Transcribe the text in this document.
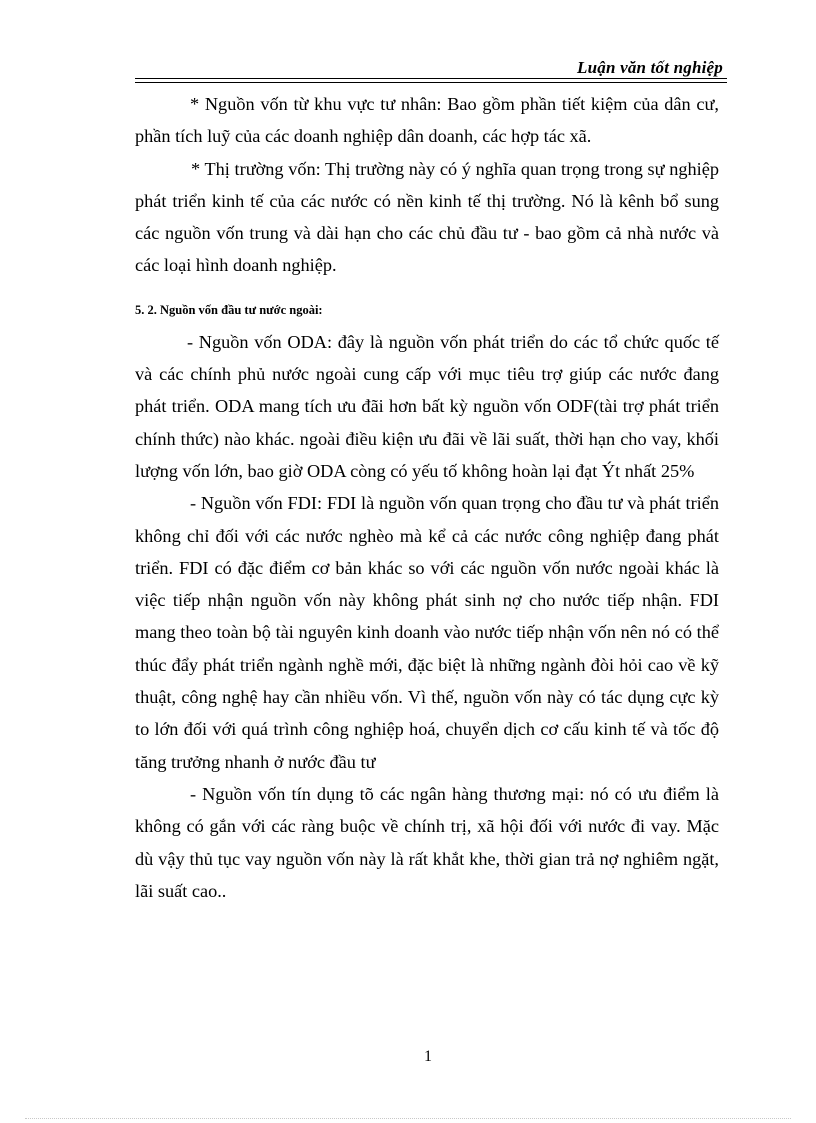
Luận văn tốt nghiệp

* Nguồn vốn từ khu vực tư nhân: Bao gồm phần tiết kiệm của dân cư, phần tích luỹ của các doanh nghiệp dân doanh, các hợp tác xã.

* Thị trường vốn: Thị trường này có ý nghĩa quan trọng trong sự nghiệp phát triển kinh tế của các nước có nền kinh tế thị trường. Nó là kênh bổ sung các nguồn vốn trung và dài hạn cho các chủ đầu tư - bao gồm cả nhà nước và các loại hình doanh nghiệp.

5. 2. Nguồn vốn đầu tư nước ngoài:

- Nguồn vốn ODA: đây là nguồn vốn phát triển do các tổ chức quốc tế và các chính phủ nước ngoài cung cấp với mục tiêu trợ giúp các nước đang phát triển. ODA mang tích ưu đãi hơn bất kỳ nguồn vốn ODF(tài trợ phát triển chính thức) nào khác. ngoài điều kiện ưu đãi về lãi suất, thời hạn cho vay, khối lượng vốn lớn, bao giờ ODA còng có yếu tố không hoàn lại đạt Ýt nhất 25%

- Nguồn vốn FDI: FDI là nguồn vốn quan trọng cho đầu tư và phát triển không chỉ đối với các nước nghèo mà kể cả các nước công nghiệp đang phát triển. FDI có đặc điểm cơ bản khác so với các nguồn vốn nước ngoài khác là việc tiếp nhận nguồn vốn này không phát sinh nợ cho nước tiếp nhận. FDI mang theo toàn bộ tài nguyên kinh doanh vào nước tiếp nhận vốn nên nó có thể thúc đẩy phát triển ngành nghề mới, đặc biệt là những ngành đòi hỏi cao về kỹ thuật, công nghệ hay cần nhiều vốn. Vì thế, nguồn vốn này có tác dụng cực kỳ to lớn đối với quá trình công nghiệp hoá, chuyển dịch cơ cấu kinh tế và tốc độ tăng trưởng nhanh ở nước đầu tư

- Nguồn vốn tín dụng tõ các ngân hàng thương mại: nó có ưu điểm là không có gắn với các ràng buộc về chính trị, xã hội đối với nước đi vay. Mặc dù vậy thủ tục vay nguồn vốn này là rất khắt khe, thời gian trả nợ nghiêm ngặt, lãi suất cao..

1
